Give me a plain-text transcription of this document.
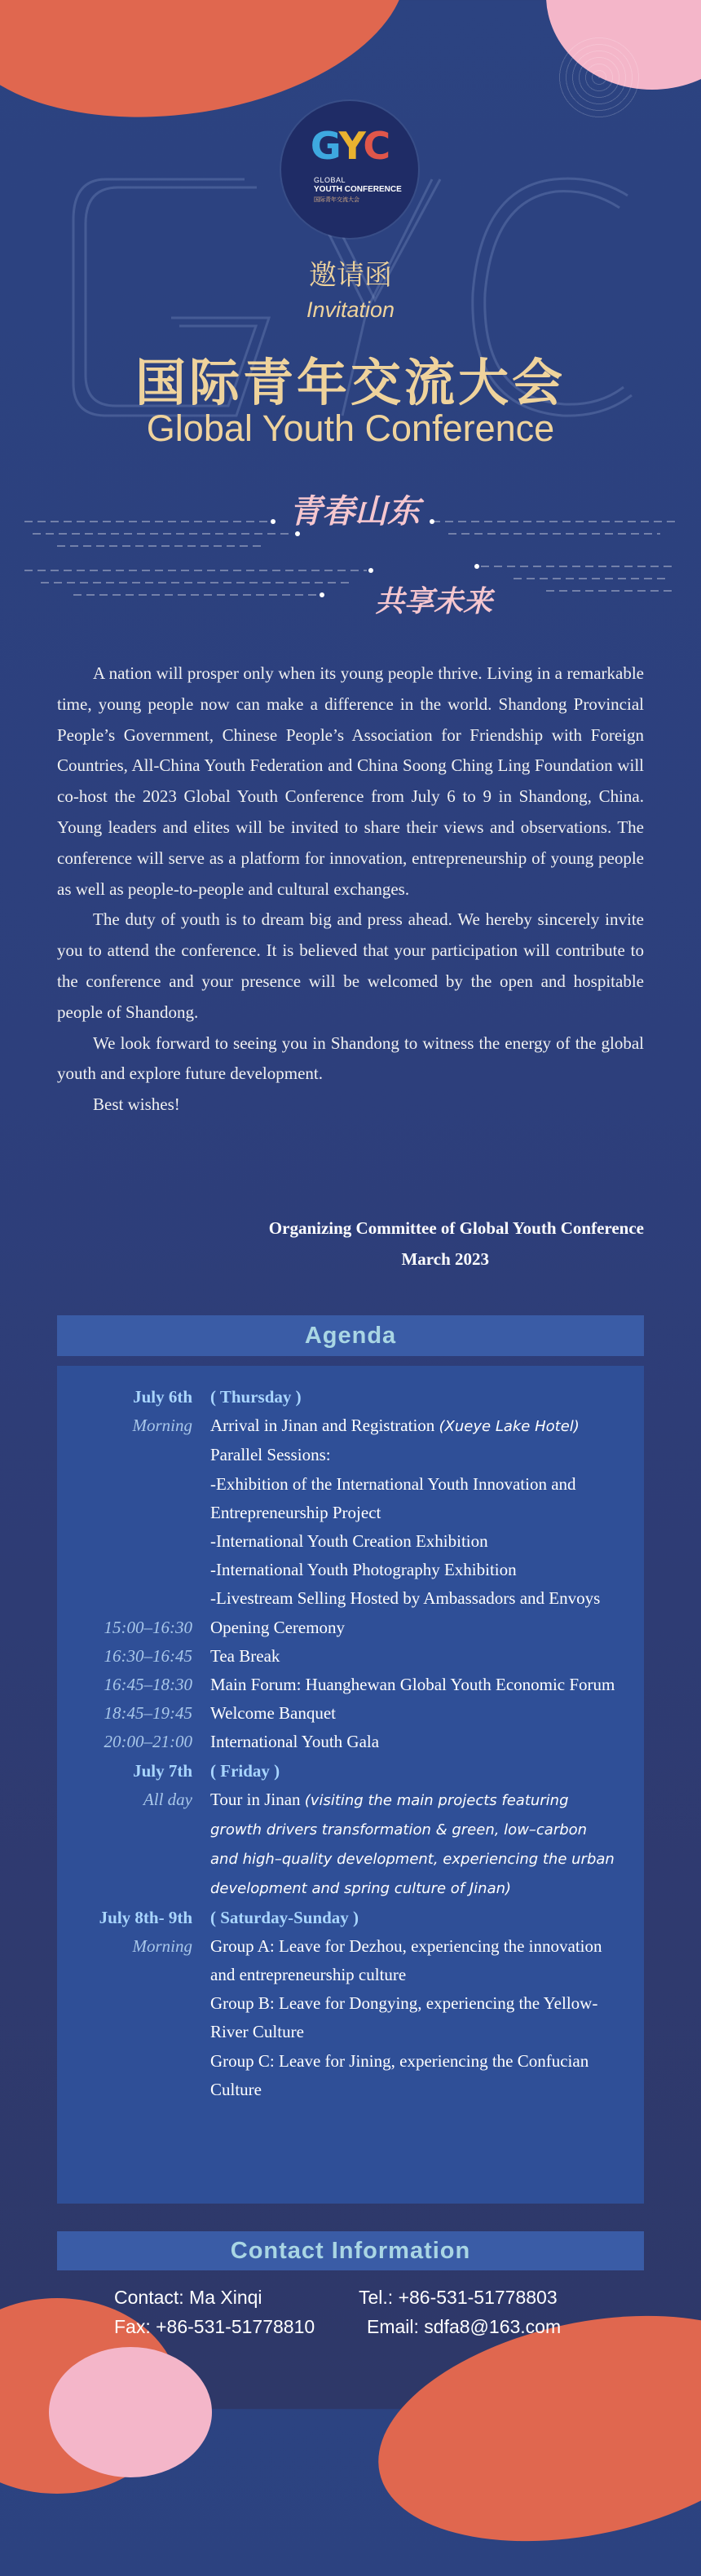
GYC
GLOBAL
YOUTH CONFERENCE
国际青年交流大会
邀请函
Invitation
国际青年交流大会
Global Youth Conference
青春山东
共享未来

A nation will prosper only when its young people thrive. Living in a remarkable time, young people now can make a difference in the world. Shandong Provincial People’s Government, Chinese People’s Association for Friendship with Foreign Countries, All-China Youth Federation and China Soong Ching Ling Foundation will co-host the 2023 Global Youth Conference from July 6 to 9 in Shandong, China. Young leaders and elites will be invited to share their views and observations. The conference will serve as a platform for innovation, entrepreneurship of young people as well as people-to-people and cultural exchanges.

The duty of youth is to dream big and press ahead. We hereby sincerely invite you to attend the conference. It is believed that your participation will contribute to the conference and your presence will be welcomed by the open and hospitable people of Shandong.

We look forward to seeing you in Shandong to witness the energy of the global youth and explore future development.

Best wishes!

Organizing Committee of Global Youth Conference
March 2023
Agenda
July 6th	( Thursday )
Morning	Arrival in Jinan and Registration (Xueye Lake Hotel)
Parallel Sessions:
-Exhibition of the International Youth Innovation and Entrepreneurship Project
-International Youth Creation Exhibition
-International Youth Photography Exhibition
-Livestream Selling Hosted by Ambassadors and Envoys
15:00–16:30	Opening Ceremony
16:30–16:45	Tea Break
16:45–18:30	Main Forum: Huanghewan Global Youth Economic Forum
18:45–19:45	Welcome Banquet
20:00–21:00	International Youth Gala
July 7th	( Friday )
All day	Tour in Jinan (visiting the main projects featuring growth drivers transformation & green, low–carbon and high–quality development, experiencing the urban development and spring culture of Jinan)
July 8th- 9th	( Saturday-Sunday )
Morning	Group A: Leave for Dezhou, experiencing the innovation and entrepreneurship culture
Group B: Leave for Dongying, experiencing the Yellow-River Culture
Group C: Leave for Jining, experiencing the Confucian Culture
Contact Information
Contact: Ma Xinqi	Tel.: +86-531-51778803
Fax: +86-531-51778810	Email: sdfa8@163.com
